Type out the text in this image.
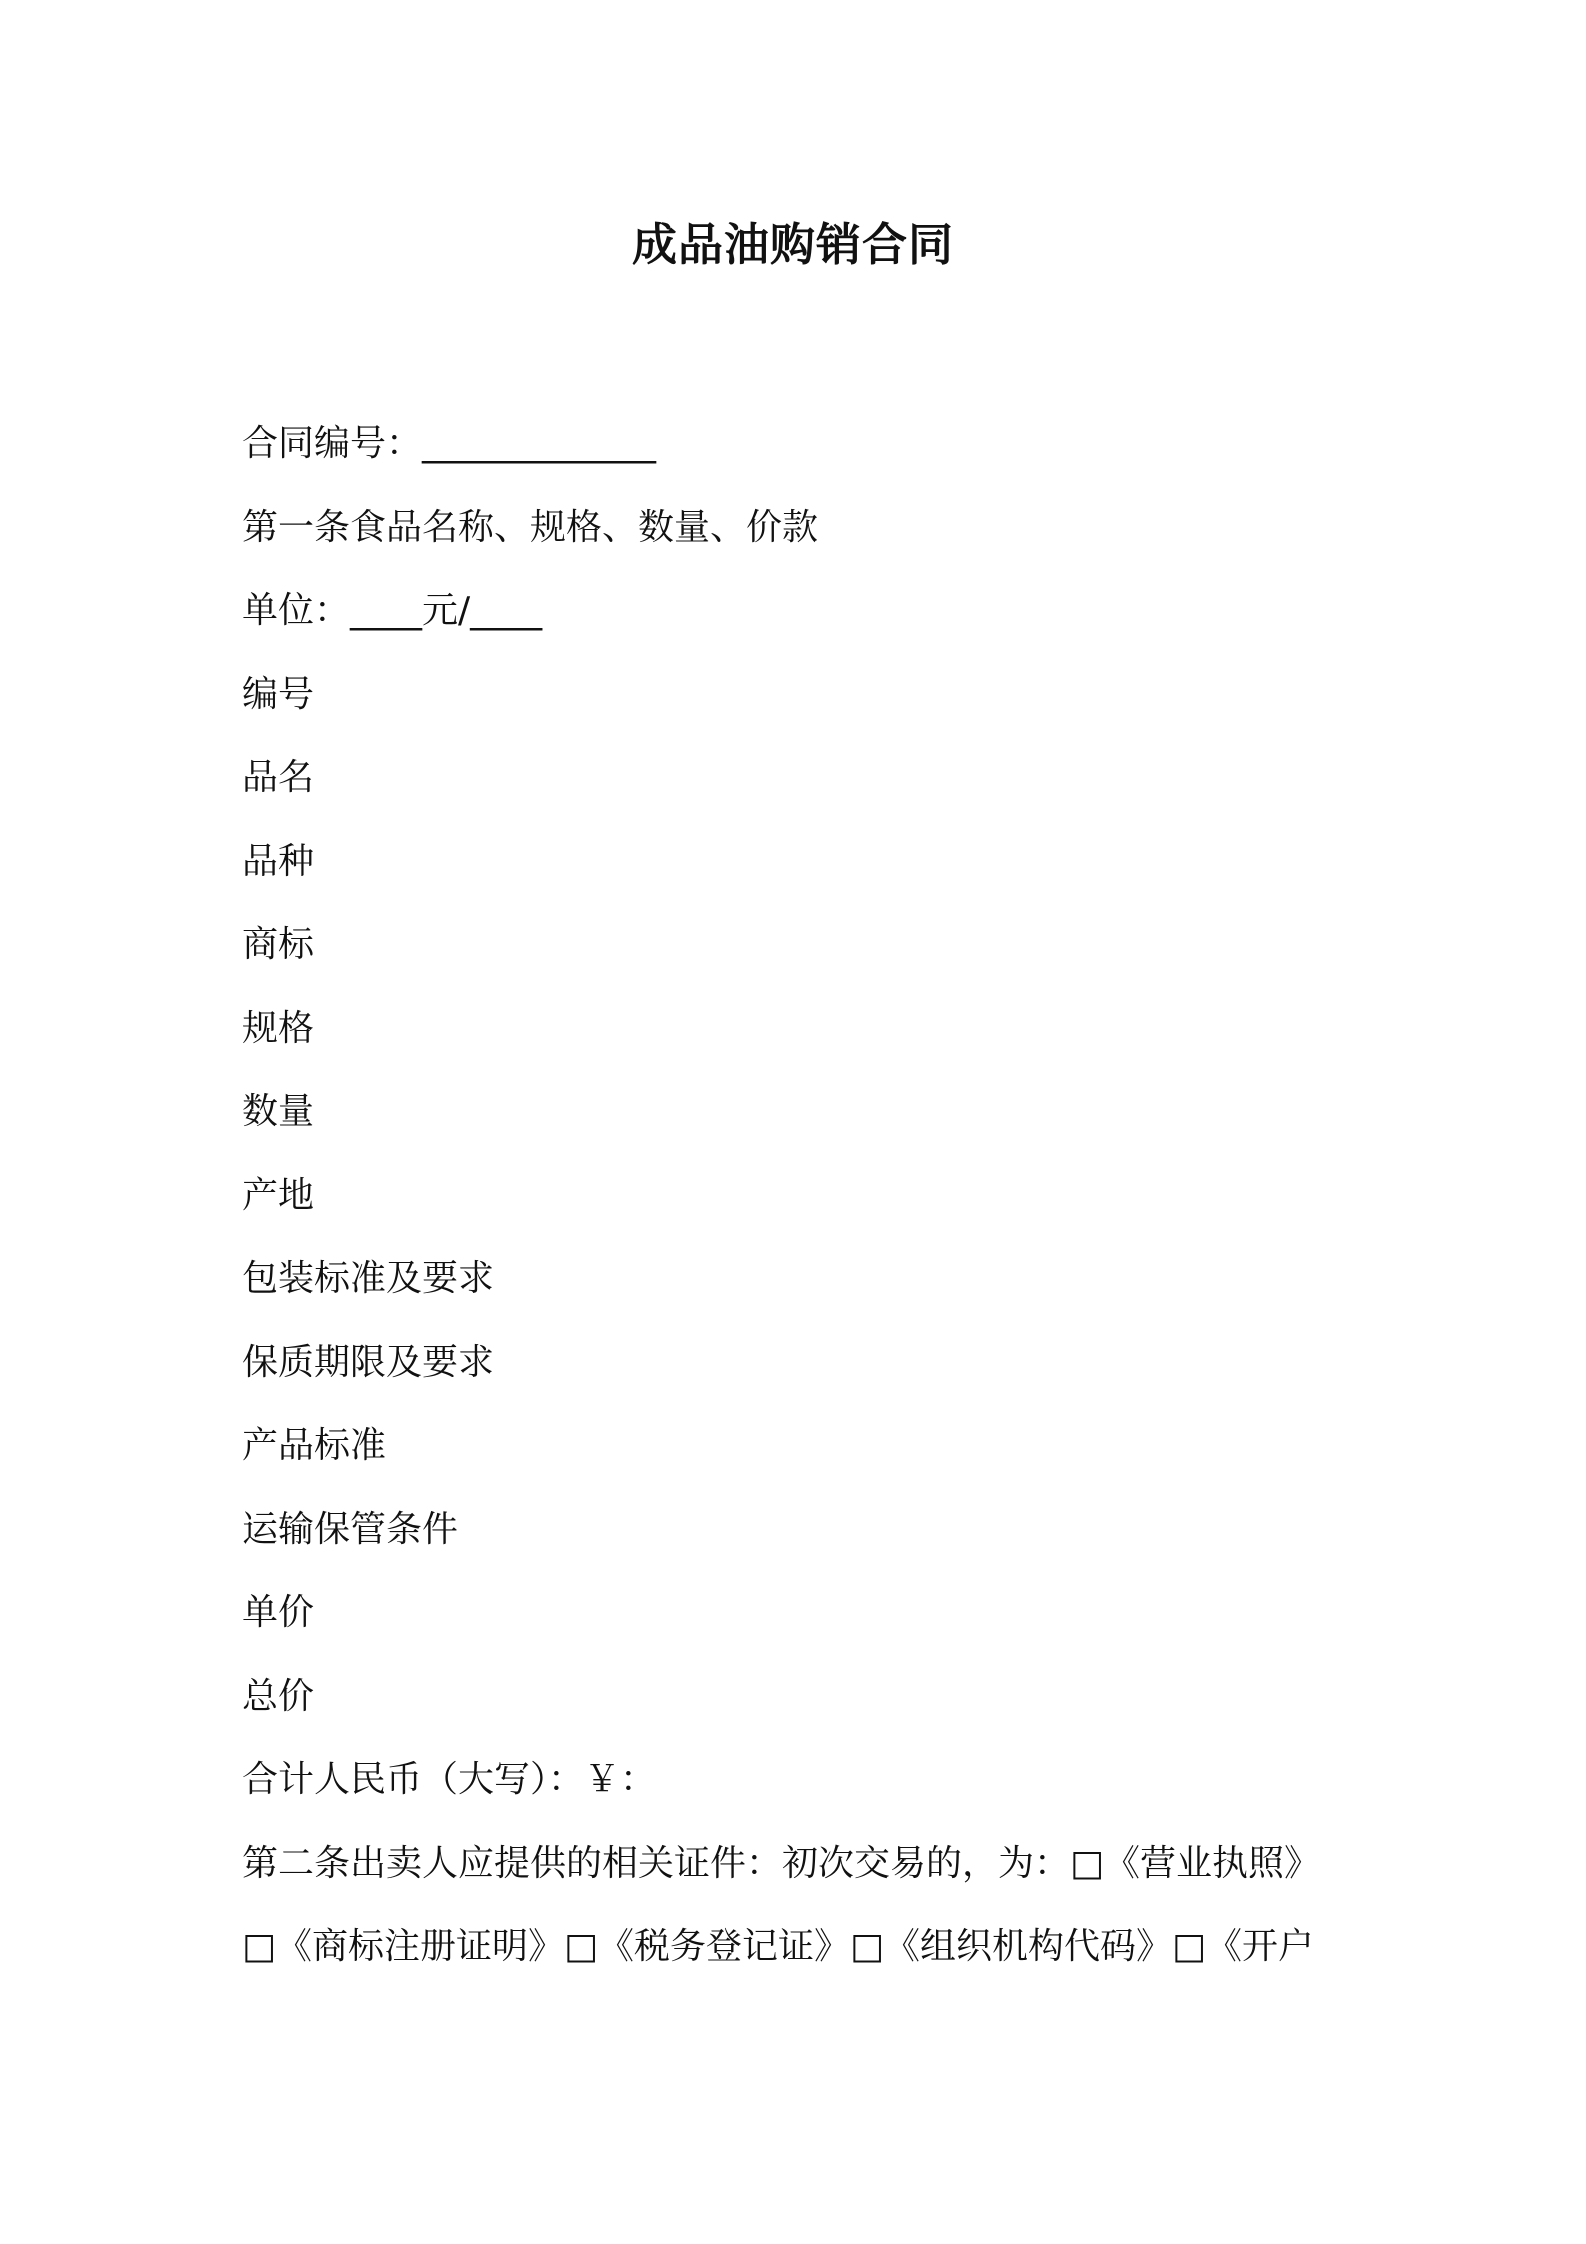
成品油购销合同
合同编号：_____________
第一条食品名称、规格、数量、价款
单位：____元/____
编号
品名
品种
商标
规格
数量
产地
包装标准及要求
保质期限及要求
产品标准
运输保管条件
单价
总价
合计人民币（大写）：￥：
第二条出卖人应提供的相关证件：初次交易的，为：□《营业执照》
□《商标注册证明》□《税务登记证》□《组织机构代码》□《开户
